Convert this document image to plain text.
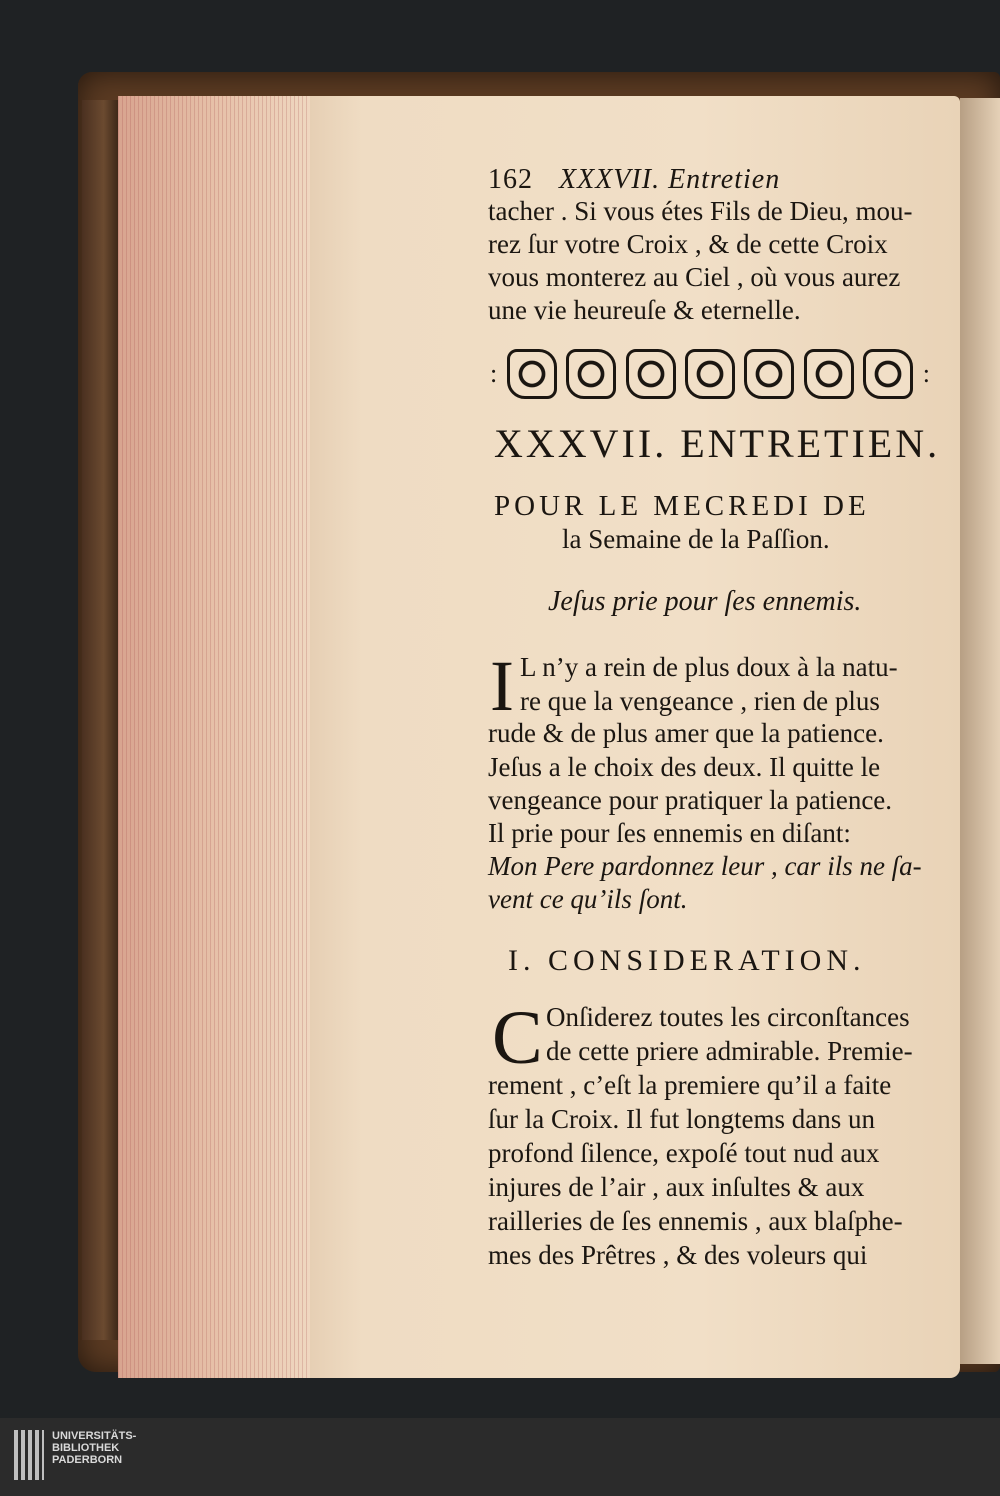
162 XXXVII. Entretien
tacher . Si vous étes Fils de Dieu, mou-
rez ſur votre Croix , & de cette Croix
vous monterez au Ciel , où vous aurez
une vie heureuſe & eternelle.
:	:
XXXVII. ENTRETIEN.
POUR LE MECREDI DE
la Semaine de la Paſſion.
Jeſus prie pour ſes ennemis.
I L n’y a rein de plus doux à la natu-
re que la vengeance , rien de plus
rude & de plus amer que la patience.
Jeſus a le choix des deux. Il quitte le
vengeance pour pratiquer la patience.
Il prie pour ſes ennemis en diſant:
Mon Pere pardonnez leur , car ils ne ſa-
vent ce qu’ils ſont.
I. CONSIDERATION.
C Onſiderez toutes les circonſtances
de cette priere admirable. Premie-
rement , c’eſt la premiere qu’il a faite
ſur la Croix. Il fut longtems dans un
profond ſilence, expoſé tout nud aux
injures de l’air , aux inſultes & aux
railleries de ſes ennemis , aux blaſphe-
mes des Prêtres , & des voleurs qui
UNIVERSITÄTS-
BIBLIOTHEK
PADERBORN
